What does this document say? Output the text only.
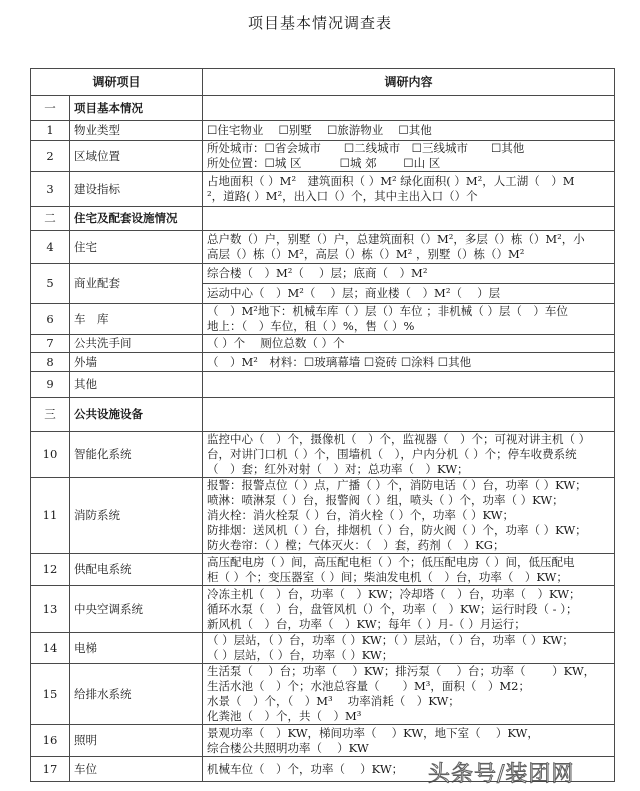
项目基本情况调查表
调研项目		调研内容
一	项目基本情况	
1	物业类型	☐住宅物业　 ☐别墅　 ☐旅游物业　 ☐其他

2	区域位置	所处城市：☐省会城市　　☐二线城市　☐三线城市　　☐其他
所处位置：☐城 区　　　 ☐城 郊　　 ☐山 区

3	建设指标	占地面积（ ）M²　建筑面积（ ）M² 绿化面积( ）M²，人工湖（　）M
²，道路( ）M²，出入口（）个，其中主出入口（）个

二	住宅及配套设施情况	
4	住宅	总户数（）户，别墅（）户，总建筑面积（）M²，多层（）栋（）M²，小
高层（）栋（）M²，高层（）栋（）M² ，别墅（）栋（）M²

5	商业配套	综合楼（　）M²（　 ）层；底商（　）M²

		运动中心（　）M²（　 ）层；商业楼（　）M²（　 ）层

6	车　库	（　）M²地下：机械车库（ ）层（）车位 ；非机械（ ）层（　）车位
地上：（　）车位，租（ ）%，售（ ）%

7	公共洗手间	（ ）个　 厕位总数（ ）个

8	外墙	（　）M²　材料：☐玻璃幕墙 ☐瓷砖 ☐涂料 ☐其他

9	其他	
三	公共设施设备	
10	智能化系统	监控中心（　）个，摄像机（　）个，监视器（　）个；可视对讲主机（ ）
台，对讲门口机（ ）个，围墙机（　），户内分机（ ）个；停车收费系统
（　）套；红外对射（　）对；总功率（　）KW；

11	消防系统	报警：报警点位（ ）点，广播（ ）个，消防电话（ ）台，功率（ ）KW；
喷淋：喷淋泵（ ）台，报警阀（ ）组，喷头（ ）个，功率（ ）KW；
消火栓：消火栓泵（ ）台，消火栓（ ）个，功率（ ）KW；
防排烟：送风机（ ）台，排烟机（ ）台，防火阀（ ）个，功率（ ）KW；
防火卷帘：（ ）樘；气体灭火：（　）套，药剂（　）KG；

12	供配电系统	高压配电房（ ）间，高压配电柜（ ）个；低压配电房（ ）间，低压配电
柜（ ）个；变压器室（ ）间；柴油发电机（　）台，功率（　）KW；

13	中央空调系统	冷冻主机（　）台，功率（　）KW；冷却塔（　）台，功率（　）KW；
循环水泵（　）台，盘管风机（）个，功率（　）KW；运行时段（ - ）；
新风机（　）台，功率（　）KW；每年（ ）月-（ ）月运行；

14	电梯	（ ）层站，（ ）台，功率（ ）KW；（ ）层站，（ ）台，功率（ ）KW；
（ ）层站，（ ）台，功率（ ）KW；

15	给排水系统	生活泵（　 ）台；功率（　 ）KW；排污泵（　 ）台；功率（　　 ）KW，
生活水池（　）个；水池总容量（　　）M³，面积（　）M2；
水景（　）个，（　）M³　 功率消耗（　）KW；
化粪池（　）个，共（　）M³

16	照明	景观功率（　）KW，梯间功率（　 ）KW，地下室（　 ）KW，
综合楼公共照明功率（　 ）KW

17	车位	机械车位（　）个，功率（　 ）KW；	头条号/装团网
